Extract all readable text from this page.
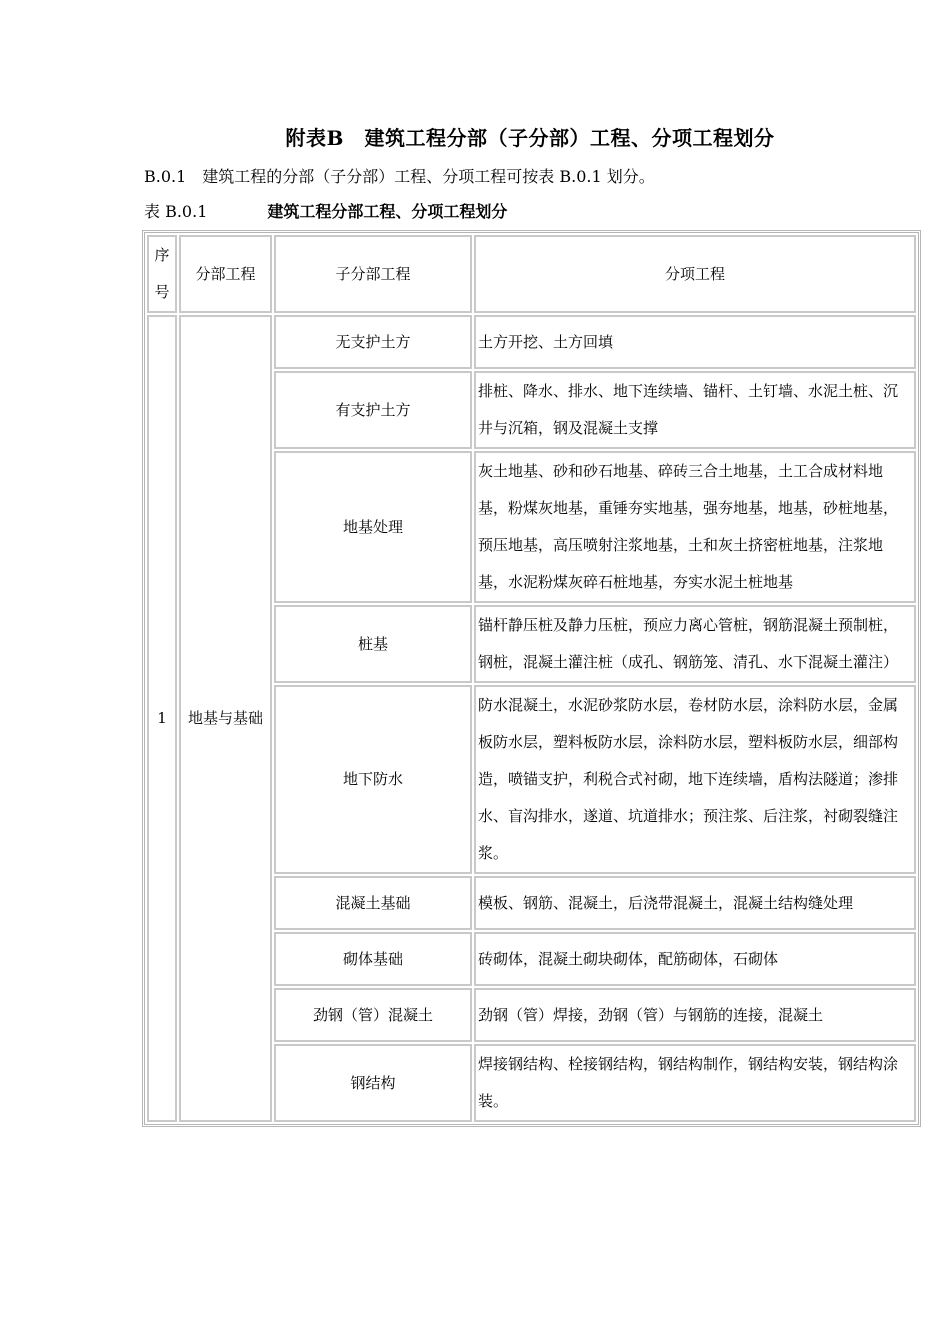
附表B　建筑工程分部（子分部）工程、分项工程划分
B.0.1　建筑工程的分部（子分部）工程、分项工程可按表 B.0.1 划分。
表 B.0.1	建筑工程分部工程、分项工程划分
序号	分部工程	子分部工程	分项工程
1	地基与基础	无支护土方	土方开挖、土方回填
		有支护土方	排桩、降水、排水、地下连续墙、锚杆、土钉墙、水泥土桩、沉井与沉箱，钢及混凝土支撑
		地基处理	灰土地基、砂和砂石地基、碎砖三合土地基，土工合成材料地基，粉煤灰地基，重锤夯实地基，强夯地基，地基，砂桩地基，预压地基，高压喷射注浆地基，土和灰土挤密桩地基，注浆地基，水泥粉煤灰碎石桩地基，夯实水泥土桩地基
		桩基	锚杆静压桩及静力压桩，预应力离心管桩，钢筋混凝土预制桩，钢桩，混凝土灌注桩（成孔、钢筋笼、清孔、水下混凝土灌注）
		地下防水	防水混凝土，水泥砂浆防水层，卷材防水层，涂料防水层，金属板防水层，塑料板防水层，涂料防水层，塑料板防水层，细部构造，喷锚支护，利税合式衬砌，地下连续墙，盾构法隧道；渗排水、盲沟排水，遂道、坑道排水；预注浆、后注浆，衬砌裂缝注浆。
		混凝土基础	模板、钢筋、混凝土，后浇带混凝土，混凝土结构缝处理
		砌体基础	砖砌体，混凝土砌块砌体，配筋砌体，石砌体
		劲钢（管）混凝土	劲钢（管）焊接，劲钢（管）与钢筋的连接，混凝土
		钢结构	焊接钢结构、栓接钢结构，钢结构制作，钢结构安装，钢结构涂装。
